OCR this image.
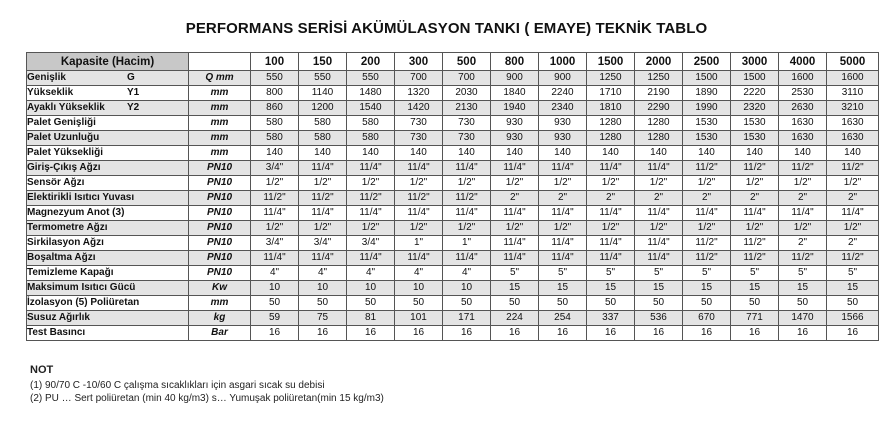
PERFORMANS SERİSİ AKÜMÜLASYON TANKI ( EMAYE) TEKNİK TABLO
Kapasite (Hacim)		100	150	200	300	500	800	1000	1500	2000	2500	3000	4000	5000
Genişlik G	Q mm	550	550	550	700	700	900	900	1250	1250	1500	1500	1600	1600
Yükseklik Y1	mm	800	1140	1480	1320	2030	1840	2240	1710	2190	1890	2220	2530	3110
Ayaklı Yükseklik Y2	mm	860	1200	1540	1420	2130	1940	2340	1810	2290	1990	2320	2630	3210
Palet Genişliği	mm	580	580	580	730	730	930	930	1280	1280	1530	1530	1630	1630
Palet Uzunluğu	mm	580	580	580	730	730	930	930	1280	1280	1530	1530	1630	1630
Palet Yüksekliği	mm	140	140	140	140	140	140	140	140	140	140	140	140	140
Giriş-Çıkış Ağzı	PN10	3/4"	11/4"	11/4"	11/4"	11/4"	11/4"	11/4"	11/4"	11/4"	11/2"	11/2"	11/2"	11/2"
Sensör Ağzı	PN10	1/2"	1/2"	1/2"	1/2"	1/2"	1/2"	1/2"	1/2"	1/2"	1/2"	1/2"	1/2"	1/2"
Elektirikli Isıtıcı Yuvası	PN10	11/2"	11/2"	11/2"	11/2"	11/2"	2"	2"	2"	2"	2"	2"	2"	2"
Magnezyum Anot (3)	PN10	11/4"	11/4"	11/4"	11/4"	11/4"	11/4"	11/4"	11/4"	11/4"	11/4"	11/4"	11/4"	11/4"
Termometre Ağzı	PN10	1/2"	1/2"	1/2"	1/2"	1/2"	1/2"	1/2"	1/2"	1/2"	1/2"	1/2"	1/2"	1/2"
Sirkilasyon Ağzı	PN10	3/4"	3/4"	3/4"	1"	1"	11/4"	11/4"	11/4"	11/4"	11/2"	11/2"	2"	2"
Boşaltma Ağzı	PN10	11/4"	11/4"	11/4"	11/4"	11/4"	11/4"	11/4"	11/4"	11/4"	11/2"	11/2"	11/2"	11/2"
Temizleme Kapağı	PN10	4"	4"	4"	4"	4"	5"	5"	5"	5"	5"	5"	5"	5"
Maksimum Isıtıcı Gücü	Kw	10	10	10	10	10	15	15	15	15	15	15	15	15
İzolasyon (5) Poliüretan	mm	50	50	50	50	50	50	50	50	50	50	50	50	50
Susuz Ağırlık	kg	59	75	81	101	171	224	254	337	536	670	771	1470	1566
Test Basıncı	Bar	16	16	16	16	16	16	16	16	16	16	16	16	16
NOT
(1) 90/70 C -10/60 C çalışma sıcaklıkları için asgari sıcak su debisi
(2) PU … Sert poliüretan (min 40 kg/m3) s… Yumuşak poliüretan(min 15 kg/m3)
